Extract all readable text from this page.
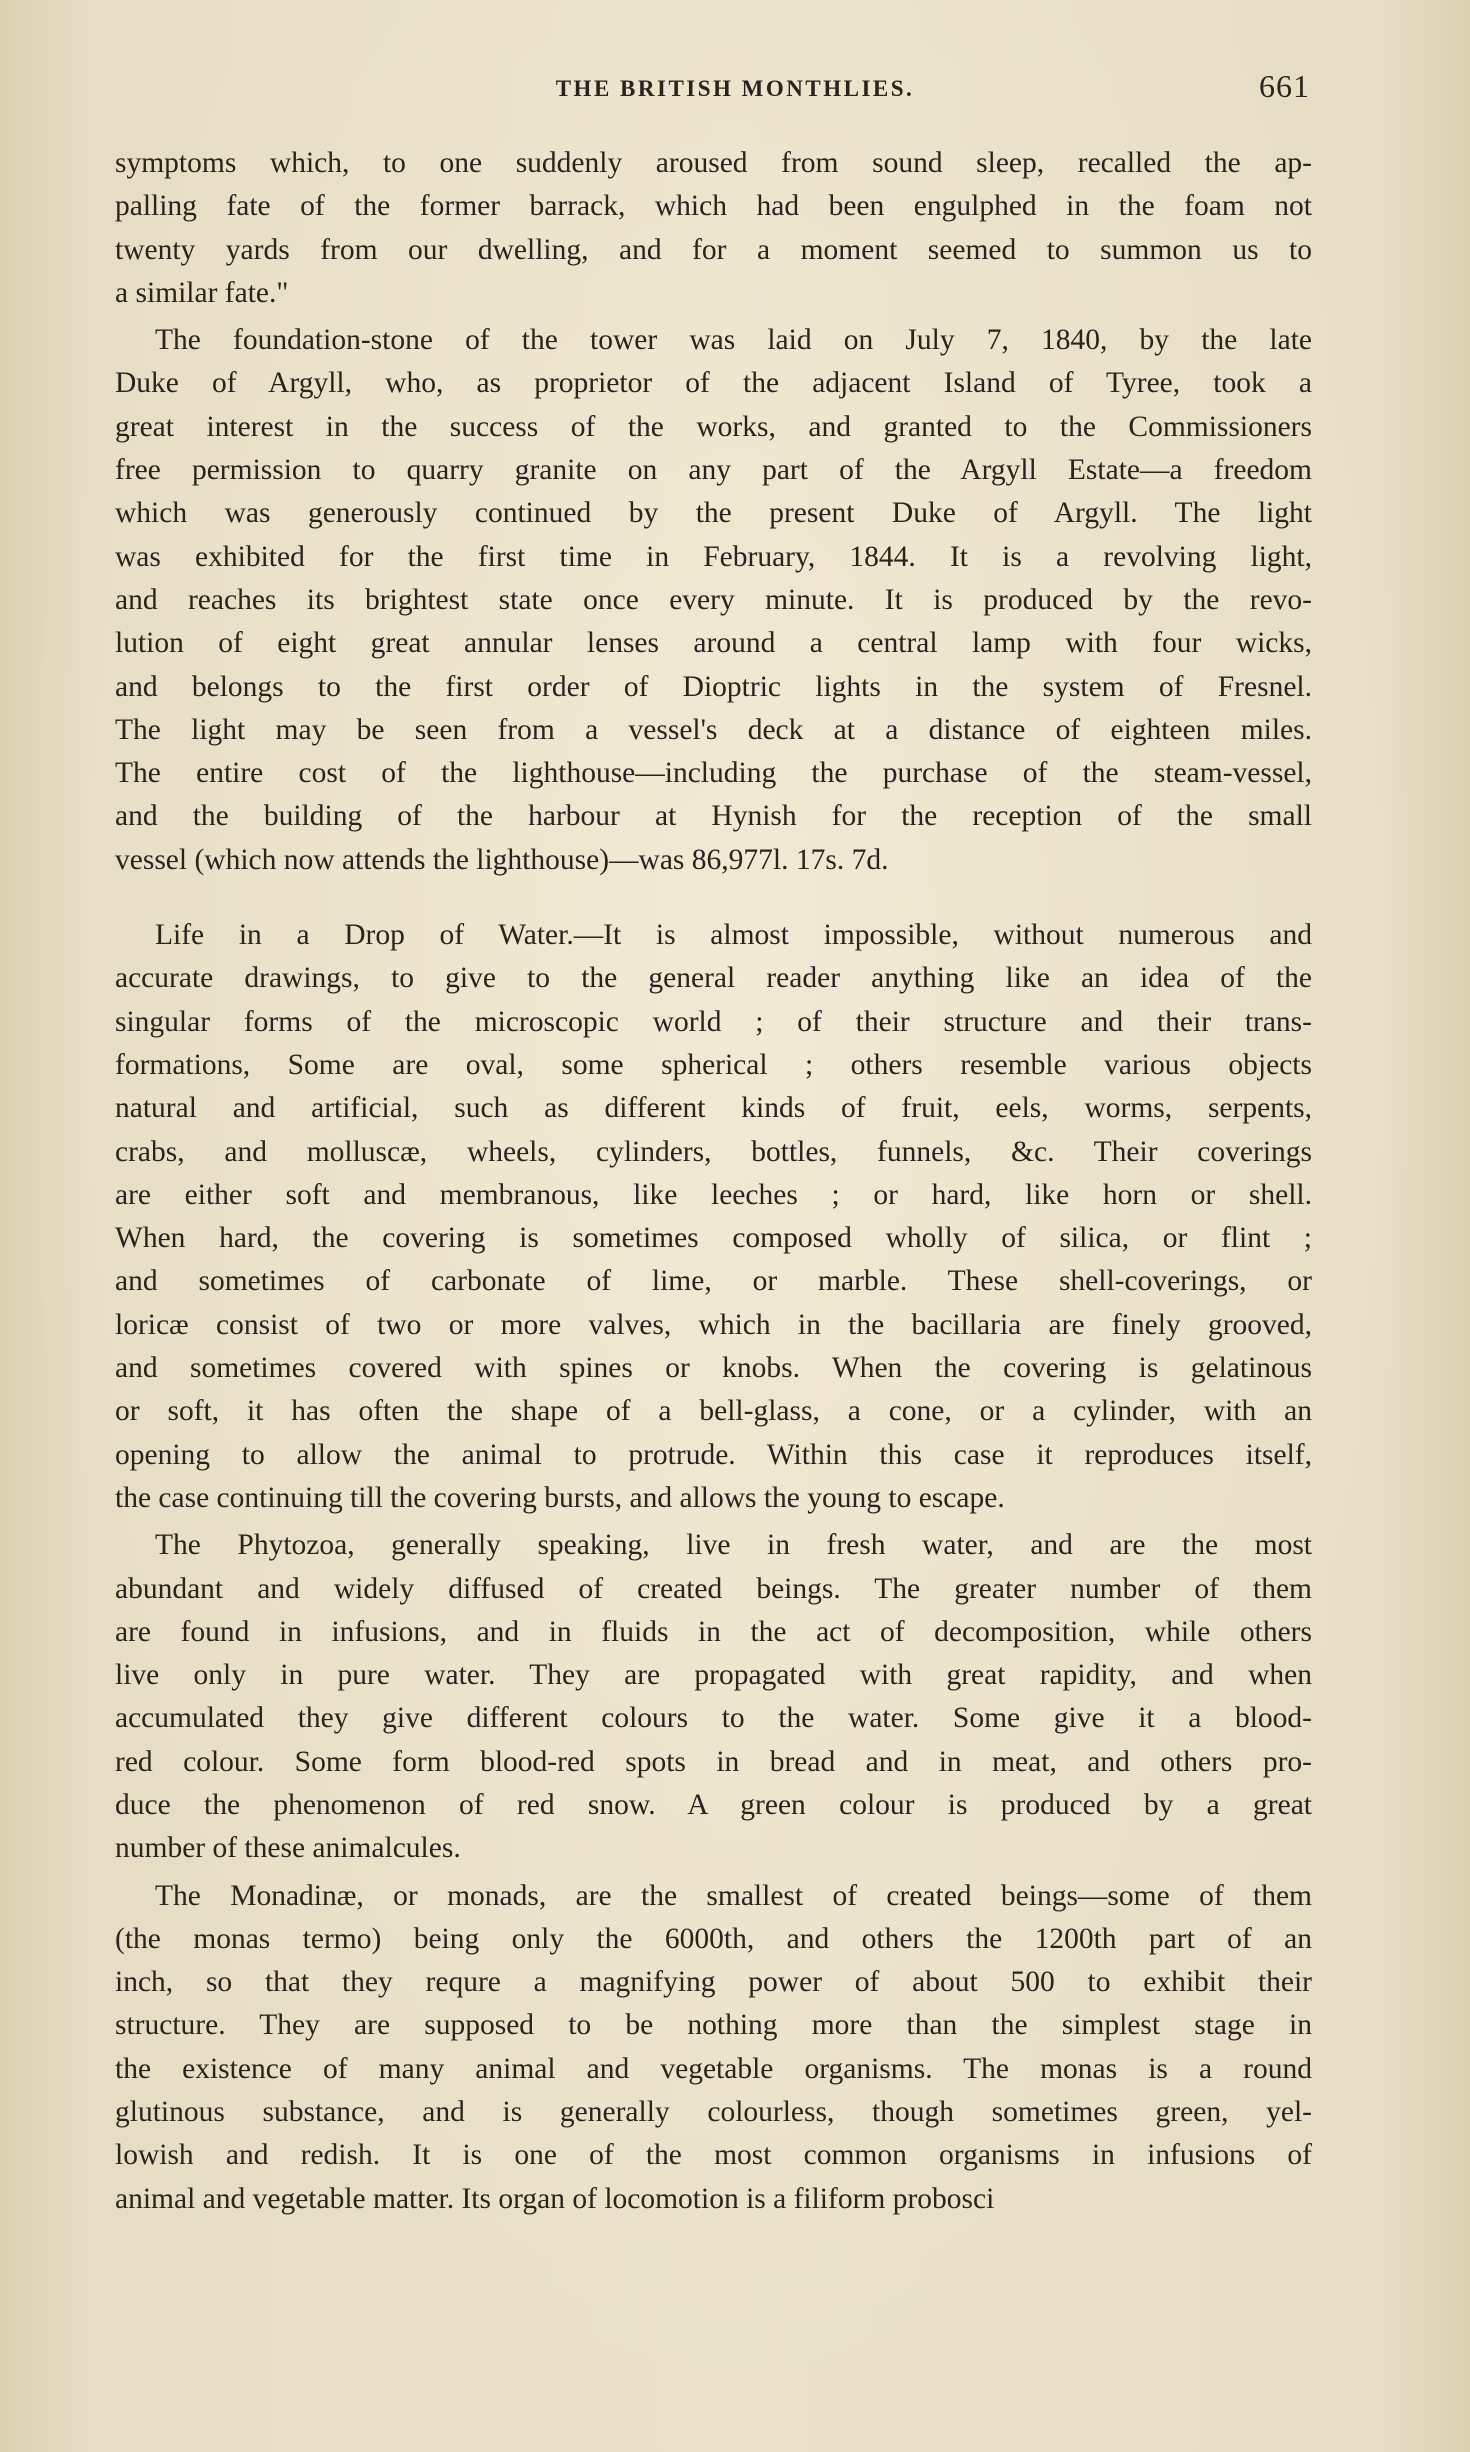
THE BRITISH MONTHLIES.	661
symptoms which, to one suddenly aroused from sound sleep, recalled the ap-
palling fate of the former barrack, which had been engulphed in the foam not
twenty yards from our dwelling, and for a moment seemed to summon us to
a similar fate."
The foundation-stone of the tower was laid on July 7, 1840, by the late
Duke of Argyll, who, as proprietor of the adjacent Island of Tyree, took a
great interest in the success of the works, and granted to the Commissioners
free permission to quarry granite on any part of the Argyll Estate—a freedom
which was generously continued by the present Duke of Argyll. The light
was exhibited for the first time in February, 1844. It is a revolving light,
and reaches its brightest state once every minute. It is produced by the revo-
lution of eight great annular lenses around a central lamp with four wicks,
and belongs to the first order of Dioptric lights in the system of Fresnel.
The light may be seen from a vessel's deck at a distance of eighteen miles.
The entire cost of the lighthouse—including the purchase of the steam-vessel,
and the building of the harbour at Hynish for the reception of the small
vessel (which now attends the lighthouse)—was 86,977l. 17s. 7d.
Life in a Drop of Water.—It is almost impossible, without numerous and
accurate drawings, to give to the general reader anything like an idea of the
singular forms of the microscopic world ; of their structure and their trans-
formations, Some are oval, some spherical ; others resemble various objects
natural and artificial, such as different kinds of fruit, eels, worms, serpents,
crabs, and molluscæ, wheels, cylinders, bottles, funnels, &c. Their coverings
are either soft and membranous, like leeches ; or hard, like horn or shell.
When hard, the covering is sometimes composed wholly of silica, or flint ;
and sometimes of carbonate of lime, or marble. These shell-coverings, or
loricæ consist of two or more valves, which in the bacillaria are finely grooved,
and sometimes covered with spines or knobs. When the covering is gelatinous
or soft, it has often the shape of a bell-glass, a cone, or a cylinder, with an
opening to allow the animal to protrude. Within this case it reproduces itself,
the case continuing till the covering bursts, and allows the young to escape.
The Phytozoa, generally speaking, live in fresh water, and are the most
abundant and widely diffused of created beings. The greater number of them
are found in infusions, and in fluids in the act of decomposition, while others
live only in pure water. They are propagated with great rapidity, and when
accumulated they give different colours to the water. Some give it a blood-
red colour. Some form blood-red spots in bread and in meat, and others pro-
duce the phenomenon of red snow. A green colour is produced by a great
number of these animalcules.
The Monadinæ, or monads, are the smallest of created beings—some of them
(the monas termo) being only the 6000th, and others the 1200th part of an
inch, so that they requre a magnifying power of about 500 to exhibit their
structure. They are supposed to be nothing more than the simplest stage in
the existence of many animal and vegetable organisms. The monas is a round
glutinous substance, and is generally colourless, though sometimes green, yel-
lowish and redish. It is one of the most common organisms in infusions of
animal and vegetable matter. Its organ of locomotion is a filiform probosci
